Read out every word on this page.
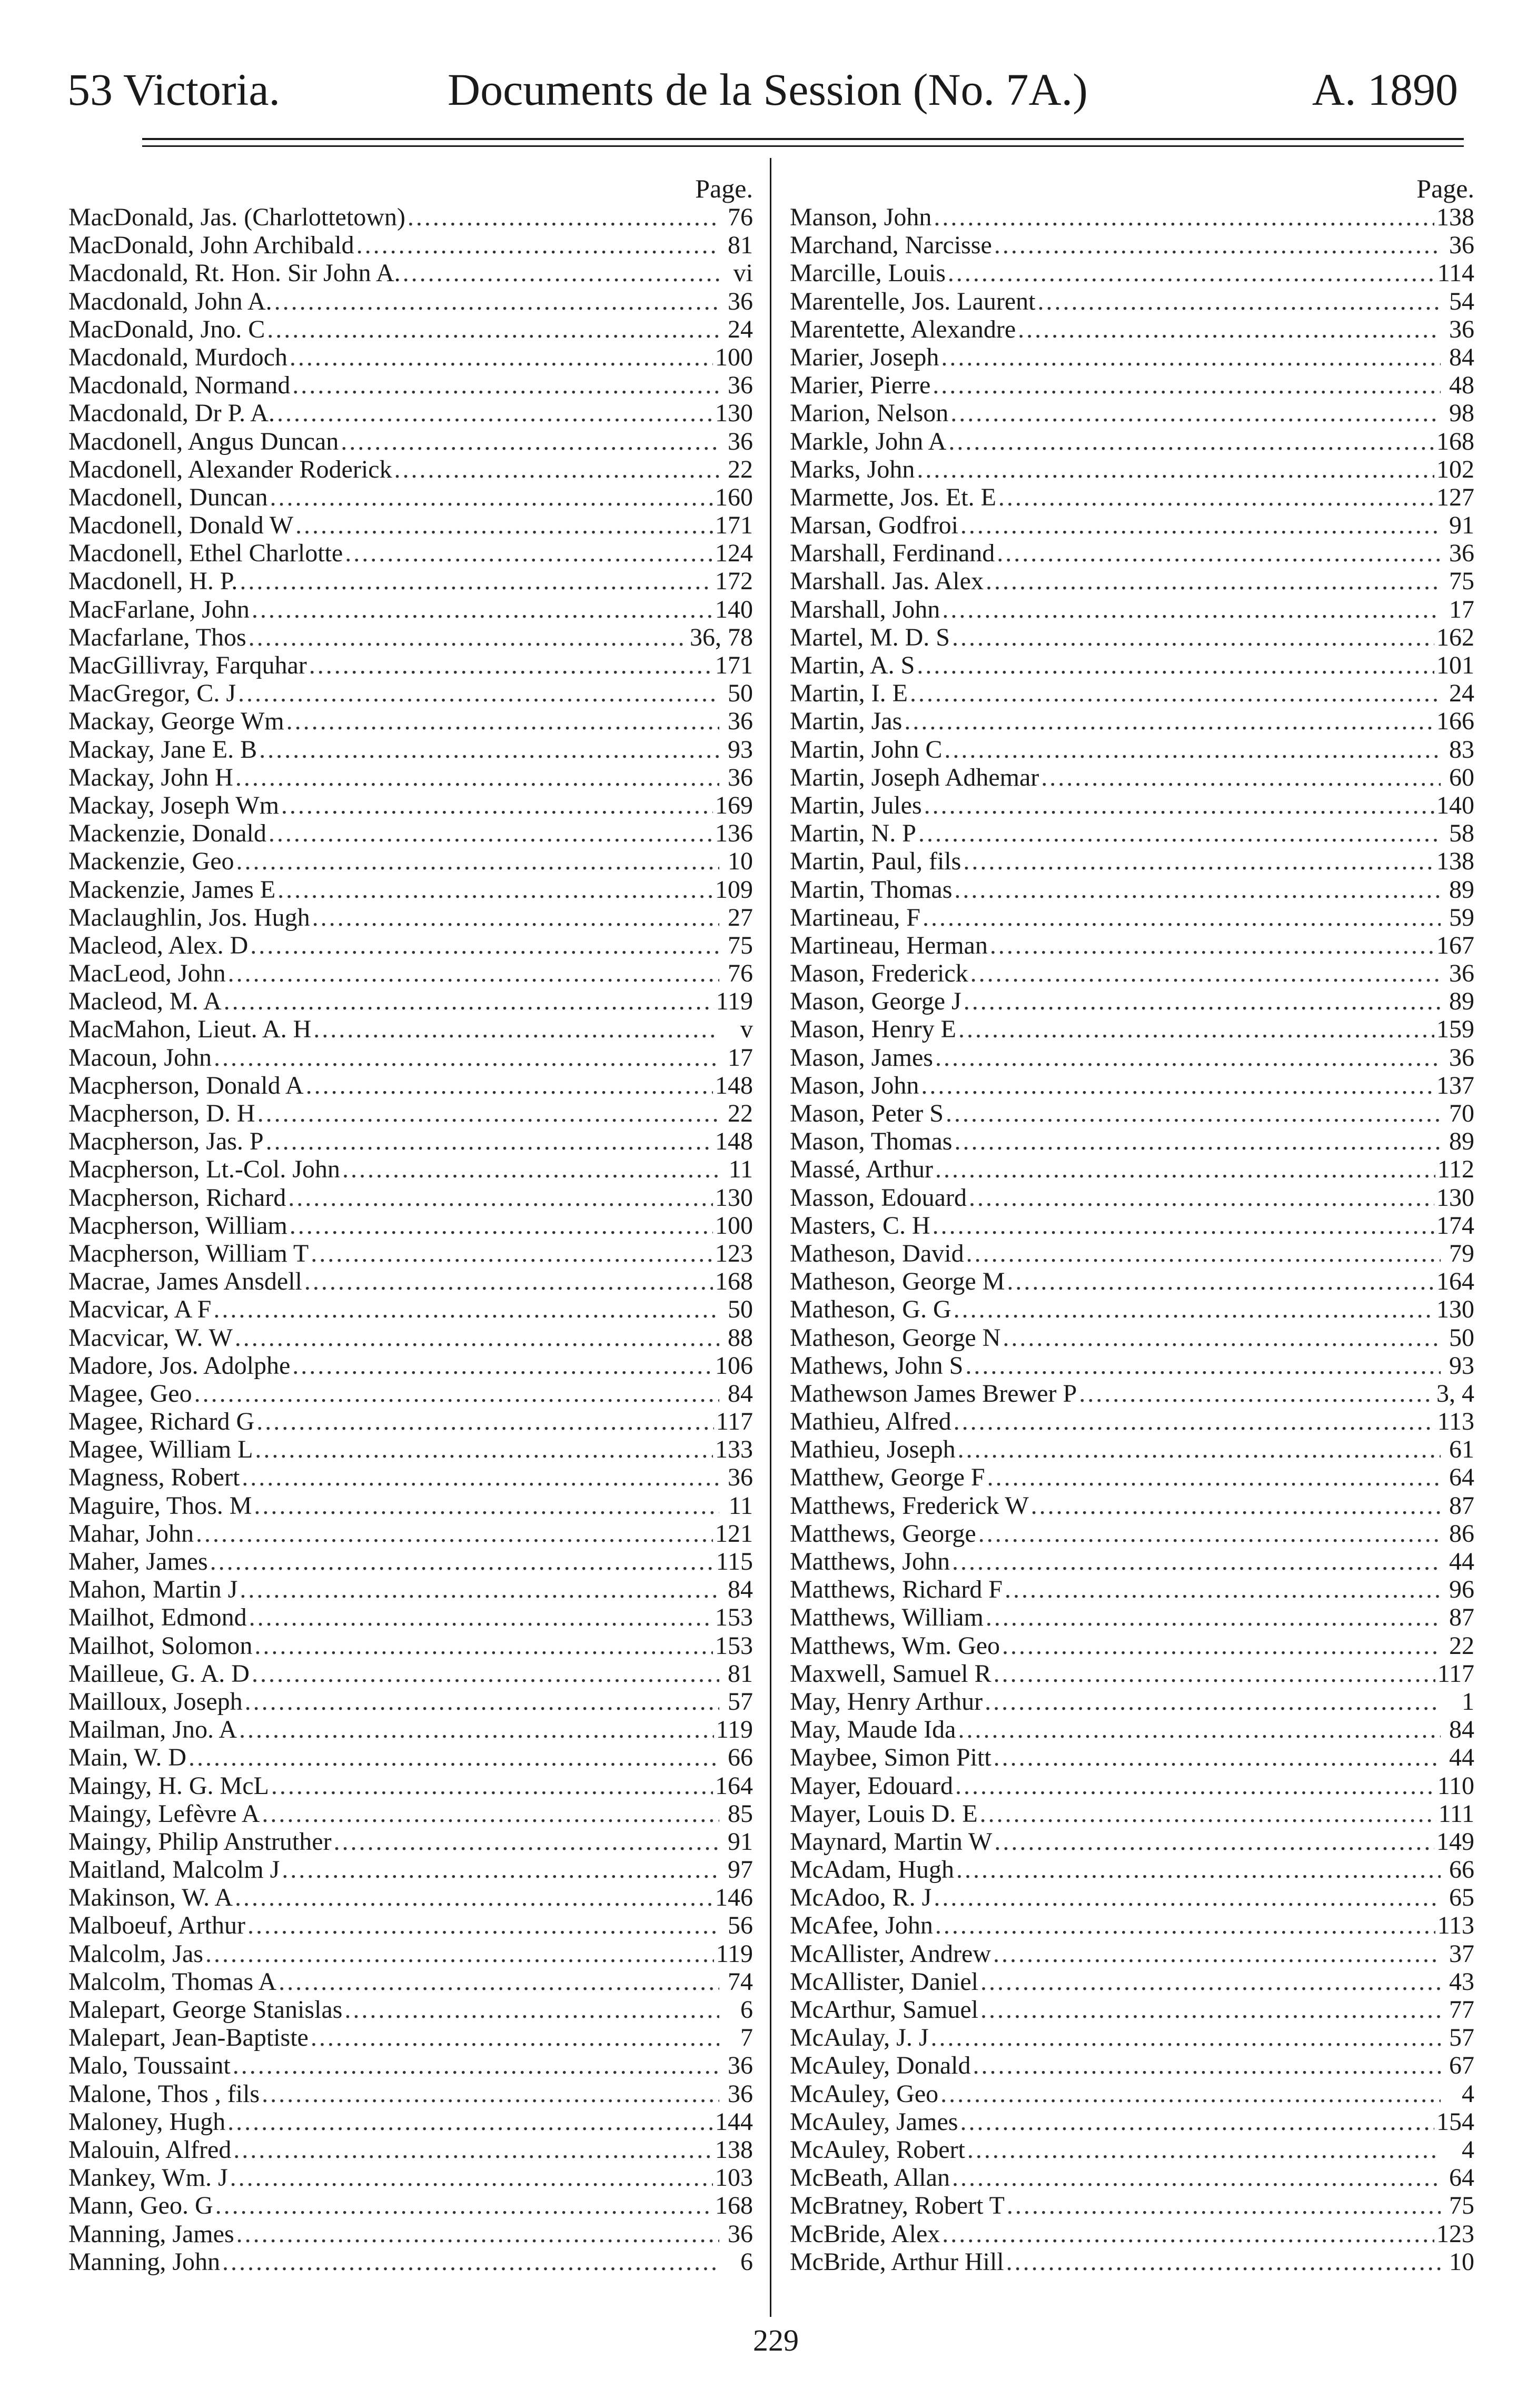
53 Victoria.	Documents de la Session (No. 7A.)	A. 1890
Page.
MacDonald, Jas. (Charlottetown) .....	76
MacDonald, John Archibald .....	81
Macdonald, Rt. Hon. Sir John A. .....	vi
Macdonald, John A. .....	36
MacDonald, Jno. C .....	24
Macdonald, Murdoch .....	100
Macdonald, Normand .....	36
Macdonald, Dr P. A. .....	130
Macdonell, Angus Duncan .....	36
Macdonell, Alexander Roderick .....	22
Macdonell, Duncan .....	160
Macdonell, Donald W .....	171
Macdonell, Ethel Charlotte .....	124
Macdonell, H. P. .....	172
MacFarlane, John .....	140
Macfarlane, Thos .....	36, 78
MacGillivray, Farquhar .....	171
MacGregor, C. J .....	50
Mackay, George Wm .....	36
Mackay, Jane E. B .....	93
Mackay, John H .....	36
Mackay, Joseph Wm .....	169
Mackenzie, Donald .....	136
Mackenzie, Geo .....	10
Mackenzie, James E .....	109
Maclaughlin, Jos. Hugh .....	27
Macleod, Alex. D .....	75
MacLeod, John .....	76
Macleod, M. A .....	119
MacMahon, Lieut. A. H .....	v
Macoun, John .....	17
Macpherson, Donald A .....	148
Macpherson, D. H .....	22
Macpherson, Jas. P .....	148
Macpherson, Lt.-Col. John .....	11
Macpherson, Richard .....	130
Macpherson, William .....	100
Macpherson, William T .....	123
Macrae, James Ansdell .....	168
Macvicar, A F .....	50
Macvicar, W. W .....	88
Madore, Jos. Adolphe .....	106
Magee, Geo .....	84
Magee, Richard G .....	117
Magee, William L .....	133
Magness, Robert .....	36
Maguire, Thos. M .....	11
Mahar, John .....	121
Maher, James .....	115
Mahon, Martin J .....	84
Mailhot, Edmond .....	153
Mailhot, Solomon .....	153
Mailleue, G. A. D .....	81
Mailloux, Joseph .....	57
Mailman, Jno. A .....	119
Main, W. D .....	66
Maingy, H. G. McL .....	164
Maingy, Lefèvre A .....	85
Maingy, Philip Anstruther .....	91
Maitland, Malcolm J .....	97
Makinson, W. A .....	146
Malboeuf, Arthur .....	56
Malcolm, Jas .....	119
Malcolm, Thomas A .....	74
Malepart, George Stanislas .....	6
Malepart, Jean-Baptiste .....	7
Malo, Toussaint .....	36
Malone, Thos , fils .....	36
Maloney, Hugh .....	144
Malouin, Alfred .....	138
Mankey, Wm. J .....	103
Mann, Geo. G .....	168
Manning, James .....	36
Manning, John .....	6
Page.
Manson, John .....	138
Marchand, Narcisse .....	36
Marcille, Louis .....	114
Marentelle, Jos. Laurent .....	54
Marentette, Alexandre .....	36
Marier, Joseph .....	84
Marier, Pierre .....	48
Marion, Nelson .....	98
Markle, John A .....	168
Marks, John .....	102
Marmette, Jos. Et. E .....	127
Marsan, Godfroi .....	91
Marshall, Ferdinand .....	36
Marshall. Jas. Alex .....	75
Marshall, John .....	17
Martel, M. D. S .....	162
Martin, A. S .....	101
Martin, I. E .....	24
Martin, Jas .....	166
Martin, John C .....	83
Martin, Joseph Adhemar .....	60
Martin, Jules .....	140
Martin, N. P .....	58
Martin, Paul, fils .....	138
Martin, Thomas .....	89
Martineau, F .....	59
Martineau, Herman .....	167
Mason, Frederick .....	36
Mason, George J .....	89
Mason, Henry E .....	159
Mason, James .....	36
Mason, John .....	137
Mason, Peter S .....	70
Mason, Thomas .....	89
Massé, Arthur .....	112
Masson, Edouard .....	130
Masters, C. H .....	174
Matheson, David .....	79
Matheson, George M .....	164
Matheson, G. G .....	130
Matheson, George N .....	50
Mathews, John S .....	93
Mathewson James Brewer P .....	3, 4
Mathieu, Alfred .....	113
Mathieu, Joseph .....	61
Matthew, George F .....	64
Matthews, Frederick W .....	87
Matthews, George .....	86
Matthews, John .....	44
Matthews, Richard F .....	96
Matthews, William .....	87
Matthews, Wm. Geo .....	22
Maxwell, Samuel R .....	117
May, Henry Arthur .....	1
May, Maude Ida .....	84
Maybee, Simon Pitt .....	44
Mayer, Edouard .....	110
Mayer, Louis D. E .....	111
Maynard, Martin W .....	149
McAdam, Hugh .....	66
McAdoo, R. J .....	65
McAfee, John .....	113
McAllister, Andrew .....	37
McAllister, Daniel .....	43
McArthur, Samuel .....	77
McAulay, J. J .....	57
McAuley, Donald .....	67
McAuley, Geo .....	4
McAuley, James .....	154
McAuley, Robert .....	4
McBeath, Allan .....	64
McBratney, Robert T .....	75
McBride, Alex .....	123
McBride, Arthur Hill .....	10
229
